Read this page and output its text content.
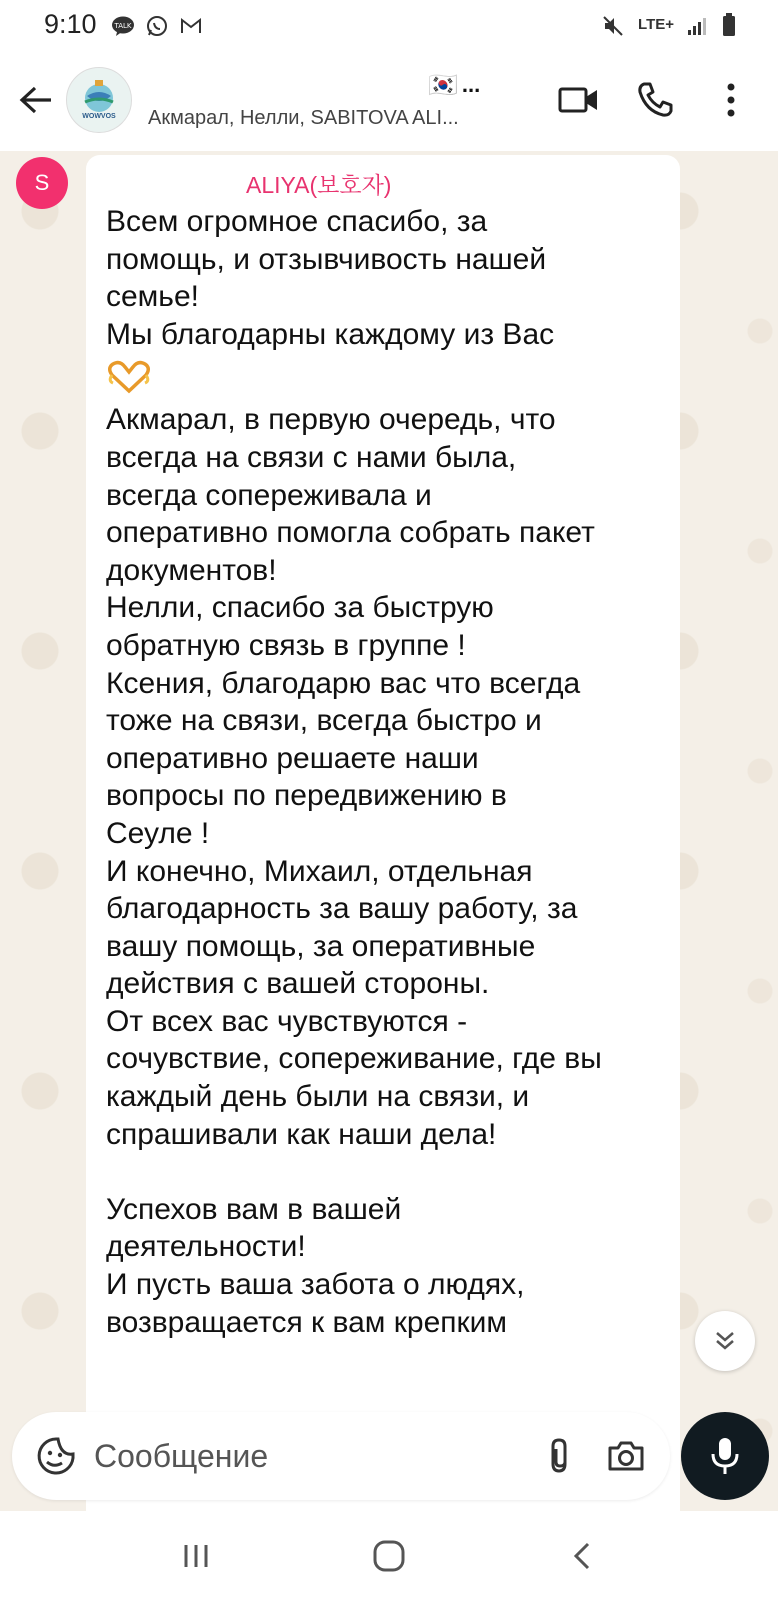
9:10 TALK	LTE+
WOWVOS
🇰🇷 ...
Акмарал, Нелли, SABITOVA ALI...
S	ALIYA(보호자)
Всем огромное спасибо, за
помощь, и отзывчивость нашей
семье!
Мы благодарны каждому из Вас
Акмарал, в первую очередь, что
всегда на связи с нами была,
всегда сопереживала и
оперативно помогла собрать пакет
документов!
Нелли, спасибо за быструю
обратную связь в группе !
Ксения, благодарю вас что всегда
тоже на связи, всегда быстро и
оперативно решаете наши
вопросы по передвижению в
Сеуле !
И конечно, Михаил, отдельная
благодарность за вашу работу, за
вашу помощь, за оперативные
действия с вашей стороны.
От всех вас чувствуются -
сочувствие, сопереживание, где вы
каждый день были на связи, и
спрашивали как наши дела!
Успехов вам в вашей
деятельности!
И пусть ваша забота о людях,
возвращается к вам крепким
Сообщение
